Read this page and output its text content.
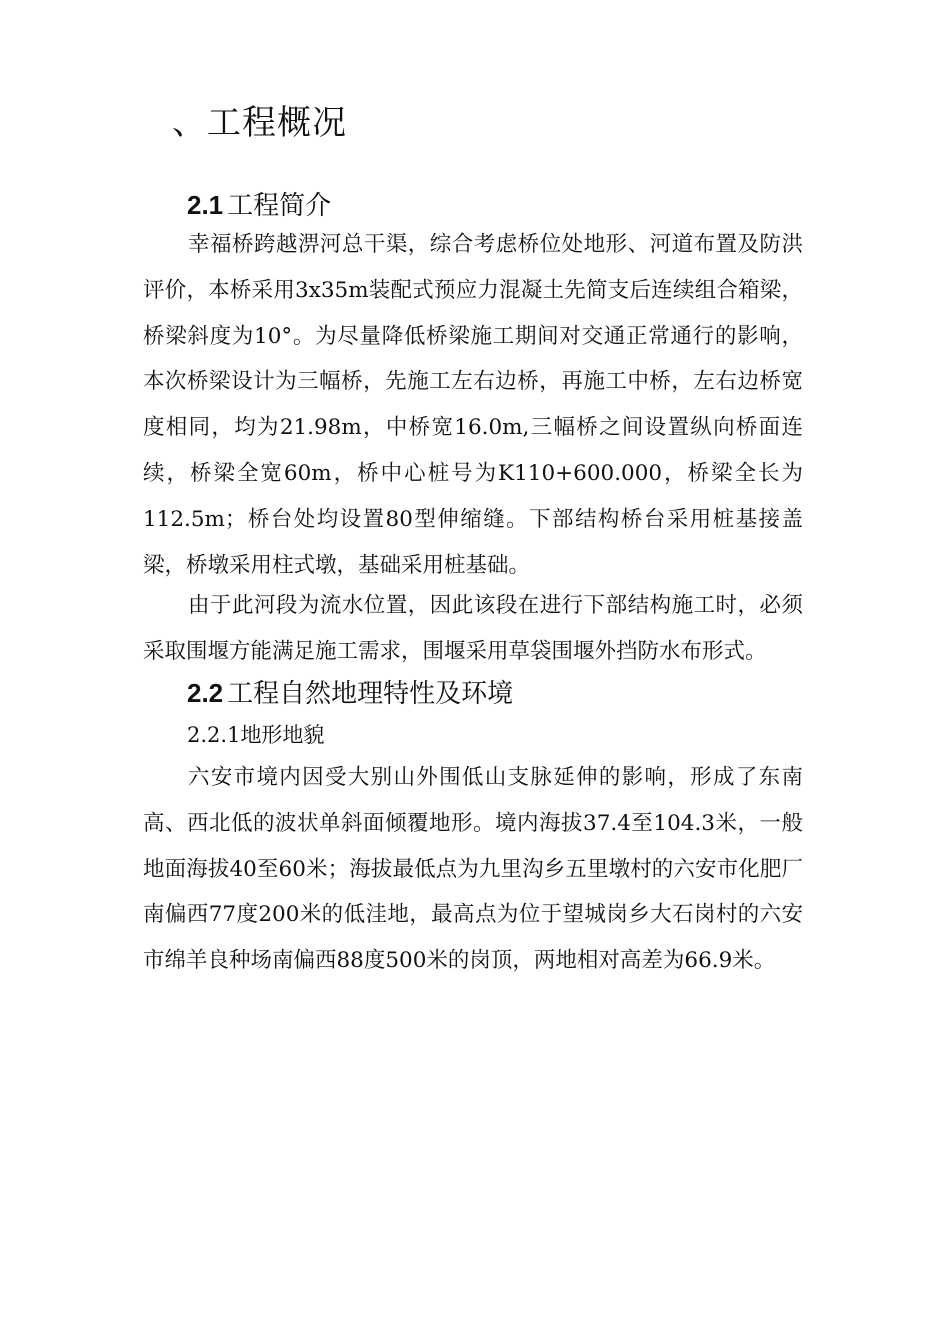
、工程概况
2.1 工程简介

幸福桥跨越淠河总干渠，综合考虑桥位处地形、河道布置及防洪评价，本桥采用3x35m装配式预应力混凝土先简支后连续组合箱梁，桥梁斜度为10°。为尽量降低桥梁施工期间对交通正常通行的影响，本次桥梁设计为三幅桥，先施工左右边桥，再施工中桥，左右边桥宽度相同，均为21.98m，中桥宽16.0m,三幅桥之间设置纵向桥面连续，桥梁全宽60m，桥中心桩号为K110+600.000，桥梁全长为112.5m；桥台处均设置80型伸缩缝。下部结构桥台采用桩基接盖梁，桥墩采用柱式墩，基础采用桩基础。

由于此河段为流水位置，因此该段在进行下部结构施工时，必须采取围堰方能满足施工需求，围堰采用草袋围堰外挡防水布形式。

2.2 工程自然地理特性及环境
2.2.1地形地貌

六安市境内因受大别山外围低山支脉延伸的影响，形成了东南高、西北低的波状单斜面倾覆地形。境内海拔37.4至104.3米，一般地面海拔40至60米；海拔最低点为九里沟乡五里墩村的六安市化肥厂南偏西77度200米的低洼地，最高点为位于望城岗乡大石岗村的六安市绵羊良种场南偏西88度500米的岗顶，两地相对高差为66.9米。
